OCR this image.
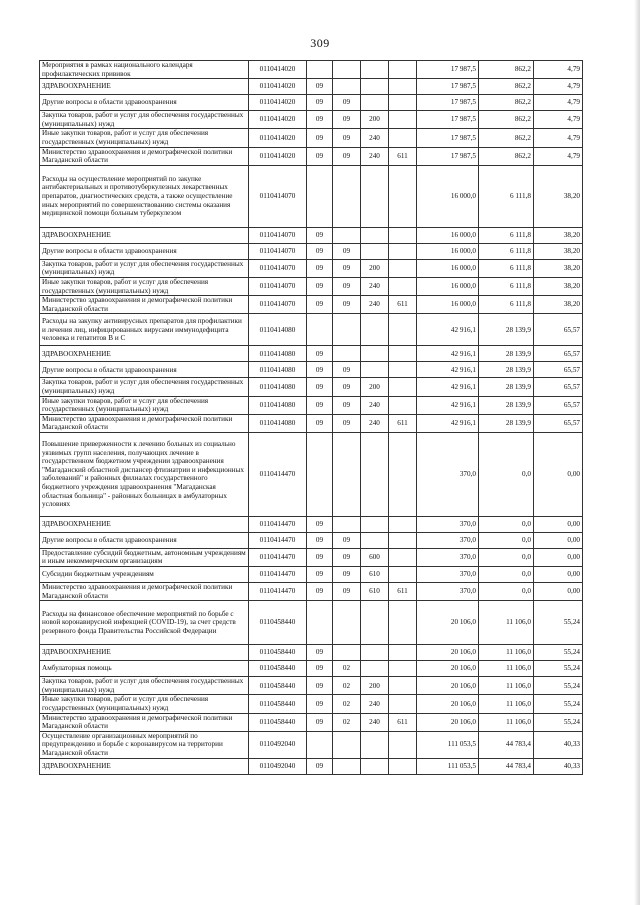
309
Мероприятия в рамках национального календаря профилактических прививок	0110414020					17 987,5	862,2	4,79
ЗДРАВООХРАНЕНИЕ	0110414020	09				17 987,5	862,2	4,79
Другие вопросы в области здравоохранения	0110414020	09	09			17 987,5	862,2	4,79
Закупка товаров, работ и услуг для обеспечения государственных (муниципальных) нужд	0110414020	09	09	200		17 987,5	862,2	4,79
Иные закупки товаров, работ и услуг для обеспечения государственных (муниципальных) нужд	0110414020	09	09	240		17 987,5	862,2	4,79
Министерство здравоохранения и демографической политики Магаданской области	0110414020	09	09	240	611	17 987,5	862,2	4,79
Расходы на осуществление мероприятий по закупке антибактериальных и противотуберкулезных лекарственных препаратов, диагностических средств, а также осуществление иных мероприятий по совершенствованию системы оказания медицинской помощи больным туберкулезом	0110414070					16 000,0	6 111,8	38,20
ЗДРАВООХРАНЕНИЕ	0110414070	09				16 000,0	6 111,8	38,20
Другие вопросы в области здравоохранения	0110414070	09	09			16 000,0	6 111,8	38,20
Закупка товаров, работ и услуг для обеспечения государственных (муниципальных) нужд	0110414070	09	09	200		16 000,0	6 111,8	38,20
Иные закупки товаров, работ и услуг для обеспечения государственных (муниципальных) нужд	0110414070	09	09	240		16 000,0	6 111,8	38,20
Министерство здравоохранения и демографической политики Магаданской области	0110414070	09	09	240	611	16 000,0	6 111,8	38,20
Расходы на закупку антивирусных препаратов для профилактики и лечения лиц, инфицированных вирусами иммунодефицита человека и гепатитов В и С	0110414080					42 916,1	28 139,9	65,57
ЗДРАВООХРАНЕНИЕ	0110414080	09				42 916,1	28 139,9	65,57
Другие вопросы в области здравоохранения	0110414080	09	09			42 916,1	28 139,9	65,57
Закупка товаров, работ и услуг для обеспечения государственных (муниципальных) нужд	0110414080	09	09	200		42 916,1	28 139,9	65,57
Иные закупки товаров, работ и услуг для обеспечения государственных (муниципальных) нужд	0110414080	09	09	240		42 916,1	28 139,9	65,57
Министерство здравоохранения и демографической политики Магаданской области	0110414080	09	09	240	611	42 916,1	28 139,9	65,57
Повышение приверженности к лечению больных из социально уязвимых групп населения, получающих лечение в государственном бюджетном учреждении здравоохранения "Магаданский областной диспансер фтизиатрии и инфекционных заболеваний" и районных филиалах государственного бюджетного учреждения здравоохранения "Магаданская областная больница" - районных больницах в амбулаторных условиях	0110414470					370,0	0,0	0,00
ЗДРАВООХРАНЕНИЕ	0110414470	09				370,0	0,0	0,00
Другие вопросы в области здравоохранения	0110414470	09	09			370,0	0,0	0,00
Предоставление субсидий бюджетным, автономным учреждениям и иным некоммерческим организациям	0110414470	09	09	600		370,0	0,0	0,00
Субсидии бюджетным учреждениям	0110414470	09	09	610		370,0	0,0	0,00
Министерство здравоохранения и демографической политики Магаданской области	0110414470	09	09	610	611	370,0	0,0	0,00
Расходы на финансовое обеспечение мероприятий по борьбе с новой коронавирусной инфекцией (COVID-19), за счет средств резервного фонда Правительства Российской Федерации	0110458440					20 106,0	11 106,0	55,24
ЗДРАВООХРАНЕНИЕ	0110458440	09				20 106,0	11 106,0	55,24
Амбулаторная помощь	0110458440	09	02			20 106,0	11 106,0	55,24
Закупка товаров, работ и услуг для обеспечения государственных (муниципальных) нужд	0110458440	09	02	200		20 106,0	11 106,0	55,24
Иные закупки товаров, работ и услуг для обеспечения государственных (муниципальных) нужд	0110458440	09	02	240		20 106,0	11 106,0	55,24
Министерство здравоохранения и демографической политики Магаданской области	0110458440	09	02	240	611	20 106,0	11 106,0	55,24
Осуществление организационных мероприятий по предупреждению и борьбе с коронавирусом на территории Магаданской области	0110492040					111 053,5	44 783,4	40,33
ЗДРАВООХРАНЕНИЕ	0110492040	09				111 053,5	44 783,4	40,33
